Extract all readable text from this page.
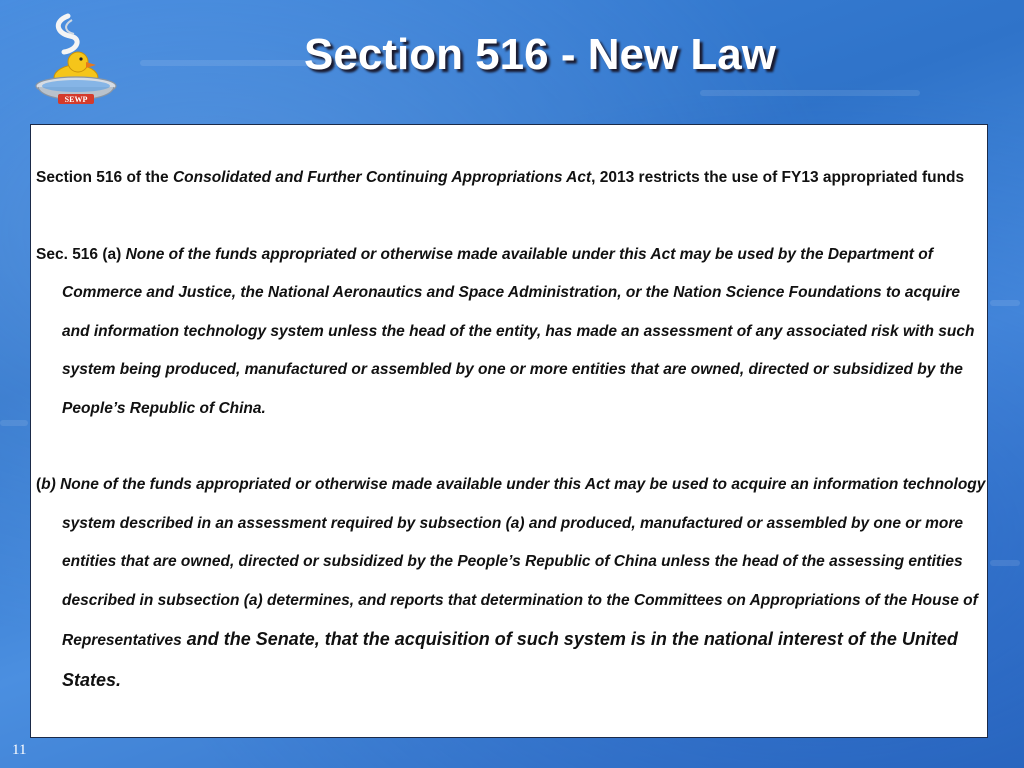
SEWP
Section 516 - New Law

Section 516 of the Consolidated and Further Continuing Appropriations Act, 2013 restricts the use of FY13 appropriated funds

Sec. 516 (a) None of the funds appropriated or otherwise made available under this Act may be used by the Department of Commerce and Justice, the National Aeronautics and Space Administration, or the Nation Science Foundations to acquire and information technology system unless the head of the entity, has made an assessment of any associated risk with such system being produced, manufactured or assembled by one or more entities that are owned, directed or subsidized by the People’s Republic of China.

(b) None of the funds appropriated or otherwise made available under this Act may be used to acquire an information technology system described in an assessment required by subsection (a) and produced, manufactured or assembled by one or more entities that are owned, directed or subsidized by the People’s Republic of China unless the head of the assessing entities described in subsection (a) determines, and reports that determination to the Committees on Appropriations of the House of Representatives and the Senate, that the acquisition of such system is in the national interest of the United States.

11
